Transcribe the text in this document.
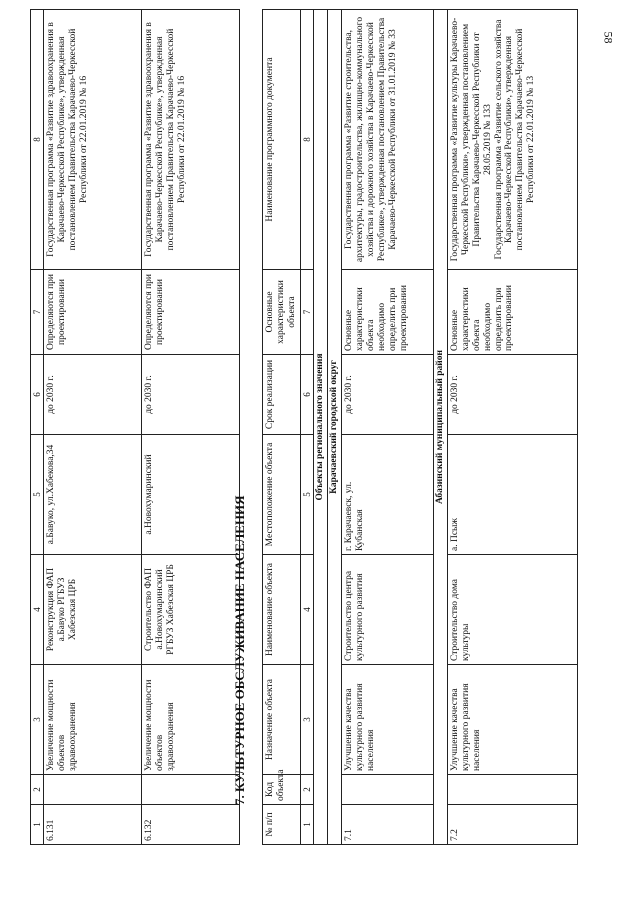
58
1	2	3	4	5	6	7	8
6.131		Увеличение мощности объектов здравоохранения	Реконструкция ФАП а.Бавуко РГБУЗ Хабезская ЦРБ	а.Бавуко, ул.Хабекова,34	до 2030 г.	Определяются при проектировании	Государственная программа «Развитие здравоохранения в Карачаево-Черкесской Республике», утвержденная постановлением Правительства Карачаево-Черкесской Республики от 22.01.2019 № 16
6.132		Увеличение мощности объектов здравоохранения	Строительство ФАП а.Новохумаринский РГБУЗ Хабезская ЦРБ	а.Новохумаринский	до 2030 г.	Определяются при проектировании	Государственная программа «Развитие здравоохранения в Карачаево-Черкесской Республике», утвержденная постановлением Правительства Карачаево-Черкесской Республики от 22.01.2019 № 16
7. КУЛЬТУРНОЕ ОБСЛУЖИВАНИЕ НАСЕЛЕНИЯ
№ п/п	Код объекта	Назначение объекта	Наименование объекта	Местоположение объекта	Срок реализации	Основные характеристики объекта	Наименование программного документа
1	2	3	4	5	6	7	8
Объекты регионального значения							
Карачаевский городской округ							
7.1		Улучшение качества культурного развития населения	Строительство центра культурного развития	г. Карачаевск, ул. Кубанская	до 2030 г.	Основные характеристики объекта необходимо определить при проектировании	Государственная программа «Развитие строительства, архитектуры, градостроительства, жилищно-коммунального хозяйства и дорожного хозяйства в Карачаево-Черкесской Республике», утвержденная постановлением Правительства Карачаево-Черкесской Республики от 31.01.2019 № 33
Абазинский муниципальный район							
7.2		Улучшение качества культурного развития населения	Строительство дома культуры	а. Псыж	до 2030 г.	Основные характеристики объекта необходимо определить при проектировании	Государственная программа «Развитие культуры Карачаево-Черкесской Республики», утвержденная постановлением Правительства Карачаево-Черкесской Республики от 28.05.2019 № 133 Государственная программа «Развитие сельского хозяйства Карачаево-Черкесской Республики», утвержденная постановлением Правительства Карачаево-Черкесской Республики от 22.01.2019 № 13
